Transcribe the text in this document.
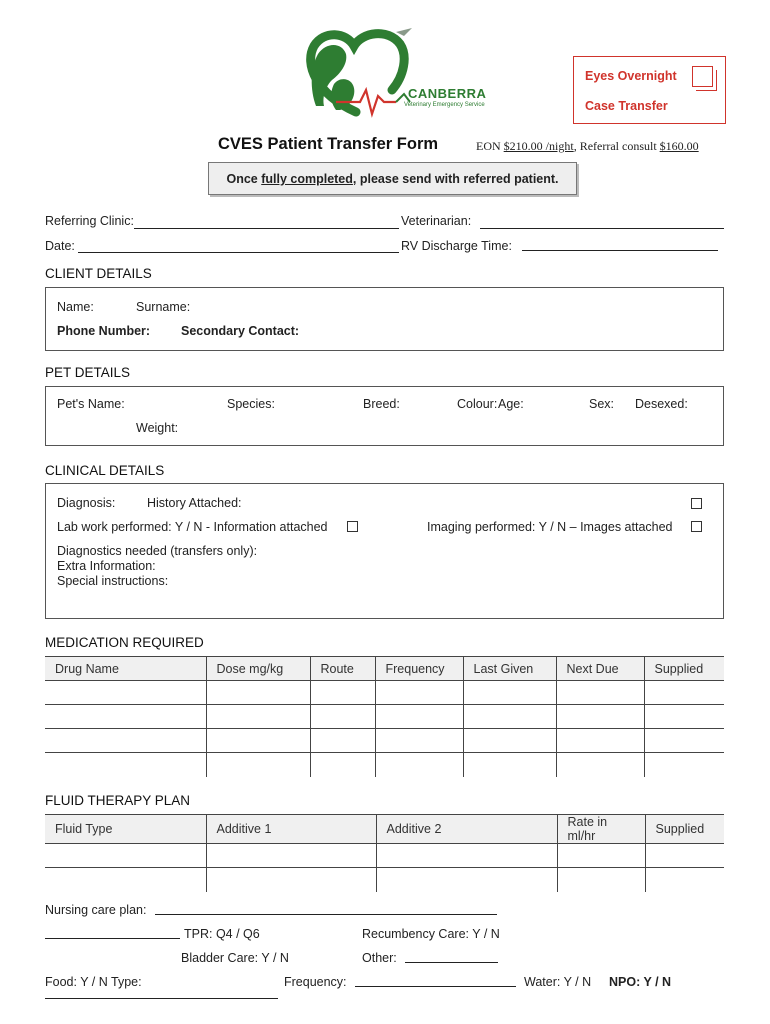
CANBERRA
Veterinary Emergency Service
Eyes Overnight
Case Transfer
CVES Patient Transfer Form	EON $210.00 /night, Referral consult $160.00
Once fully completed, please send with referred patient.
Referring Clinic:	Veterinarian:
Date:	RV Discharge Time:
CLIENT DETAILS
Name:	Surname:
Phone Number: Secondary Contact:
PET DETAILS
Pet's Name:	Species:	Breed:	Colour: Age:	Sex: Desexed:
Weight:
CLINICAL DETAILS
Diagnosis:	History Attached:
Lab work performed: Y / N - Information attached	Imaging performed: Y / N – Images attached
Diagnostics needed (transfers only):
Extra Information:
Special instructions:
MEDICATION REQUIRED
Drug Name	Dose mg/kg	Route	Frequency	Last Given	Next Due	Supplied

FLUID THERAPY PLAN
Fluid Type	Additive 1	Additive 2	Rate in ml/hr	Supplied

Nursing care plan:
TPR: Q4 / Q6	Recumbency Care: Y / N
Bladder Care: Y / N	Other:
Food: Y / N Type:	Frequency:	Water: Y / N NPO: Y / N
